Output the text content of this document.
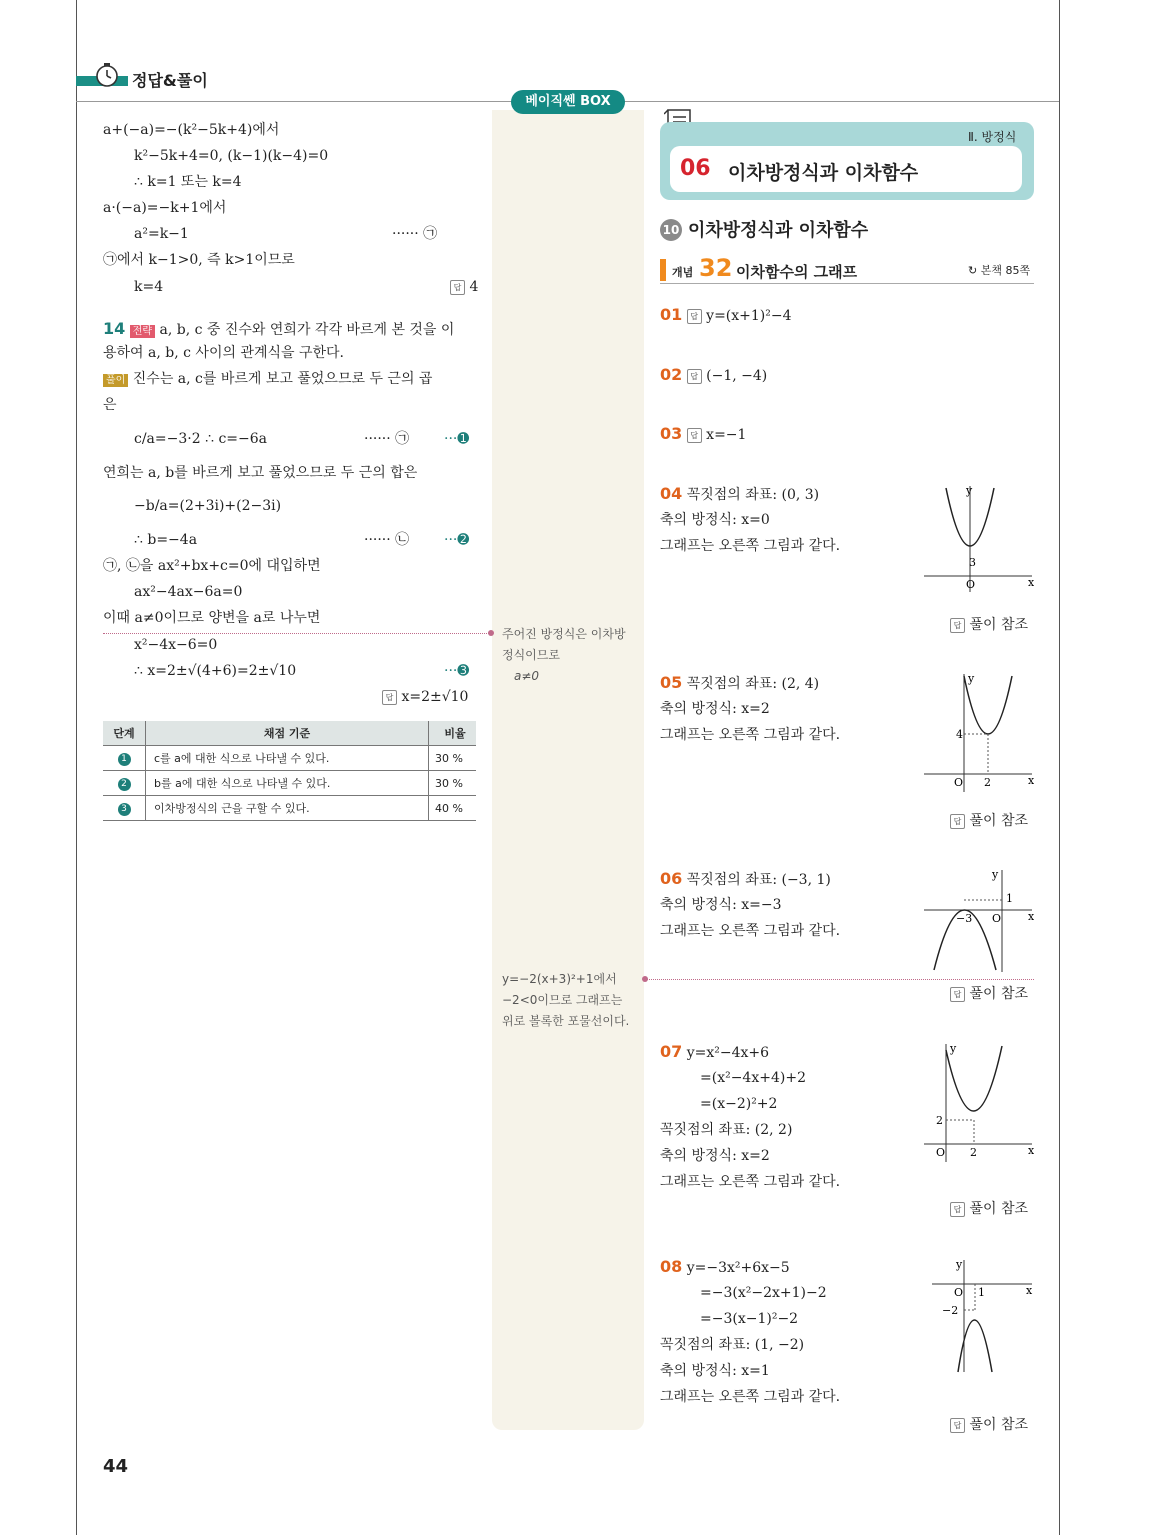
정답&풀이
베이직쎈 BOX
a+(−a)=−(k²−5k+4)에서
k²−5k+4=0, (k−1)(k−4)=0
∴ k=1 또는 k=4
a·(−a)=−k+1에서
a²=k−1	······ ㉠
㉠에서 k−1>0, 즉 k>1이므로
k=4	답 4
14 전략 a, b, c 중 진수와 연희가 각각 바르게 본 것을 이
용하여 a, b, c 사이의 관계식을 구한다.
풀이 진수는 a, c를 바르게 보고 풀었으므로 두 근의 곱
은
c/a=−3·2 ∴ c=−6a	······ ㉠ ···➊
연희는 a, b를 바르게 보고 풀었으므로 두 근의 합은
−b/a=(2+3i)+(2−3i)
∴ b=−4a	······ ㉡ ···➋
㉠, ㉡을 ax²+bx+c=0에 대입하면
ax²−4ax−6a=0
이때 a≠0이므로 양변을 a로 나누면
x²−4x−6=0
∴ x=2±√(4+6)=2±√10	···➌
답 x=2±√10
단계	채점 기준	비율
1	c를 a에 대한 식으로 나타낼 수 있다.	30 %
2	b를 a에 대한 식으로 나타낼 수 있다.	30 %
3	이차방정식의 근을 구할 수 있다.	40 %
44
주어진 방정식은 이차방
정식이므로
a≠0
y=−2(x+3)²+1에서
−2<0이므로 그래프는
위로 볼록한 포물선이다.
Ⅱ. 방정식
06 이차방정식과 이차함수
10 이차방정식과 이차함수
개념 32 이차함수의 그래프	↻ 본책 85쪽
01 답 y=(x+1)²−4
02 답 (−1, −4)
03 답 x=−1
04 꼭짓점의 좌표: (0, 3)
축의 방정식: x=0
그래프는 오른쪽 그림과 같다.
x
y
O
3
답 풀이 참조
05 꼭짓점의 좌표: (2, 4)
축의 방정식: x=2
그래프는 오른쪽 그림과 같다.
x
y
O 2
4
답 풀이 참조
06 꼭짓점의 좌표: (−3, 1)
축의 방정식: x=−3
그래프는 오른쪽 그림과 같다.
x
y
O
−3
1
답 풀이 참조
07 y=x²−4x+6
=(x²−4x+4)+2
=(x−2)²+2
꼭짓점의 좌표: (2, 2)
축의 방정식: x=2
그래프는 오른쪽 그림과 같다.
x
y
O 2
2
답 풀이 참조
08 y=−3x²+6x−5
=−3(x²−2x+1)−2
=−3(x−1)²−2
꼭짓점의 좌표: (1, −2)
축의 방정식: x=1
그래프는 오른쪽 그림과 같다.
x
y
O 1
−2
답 풀이 참조
